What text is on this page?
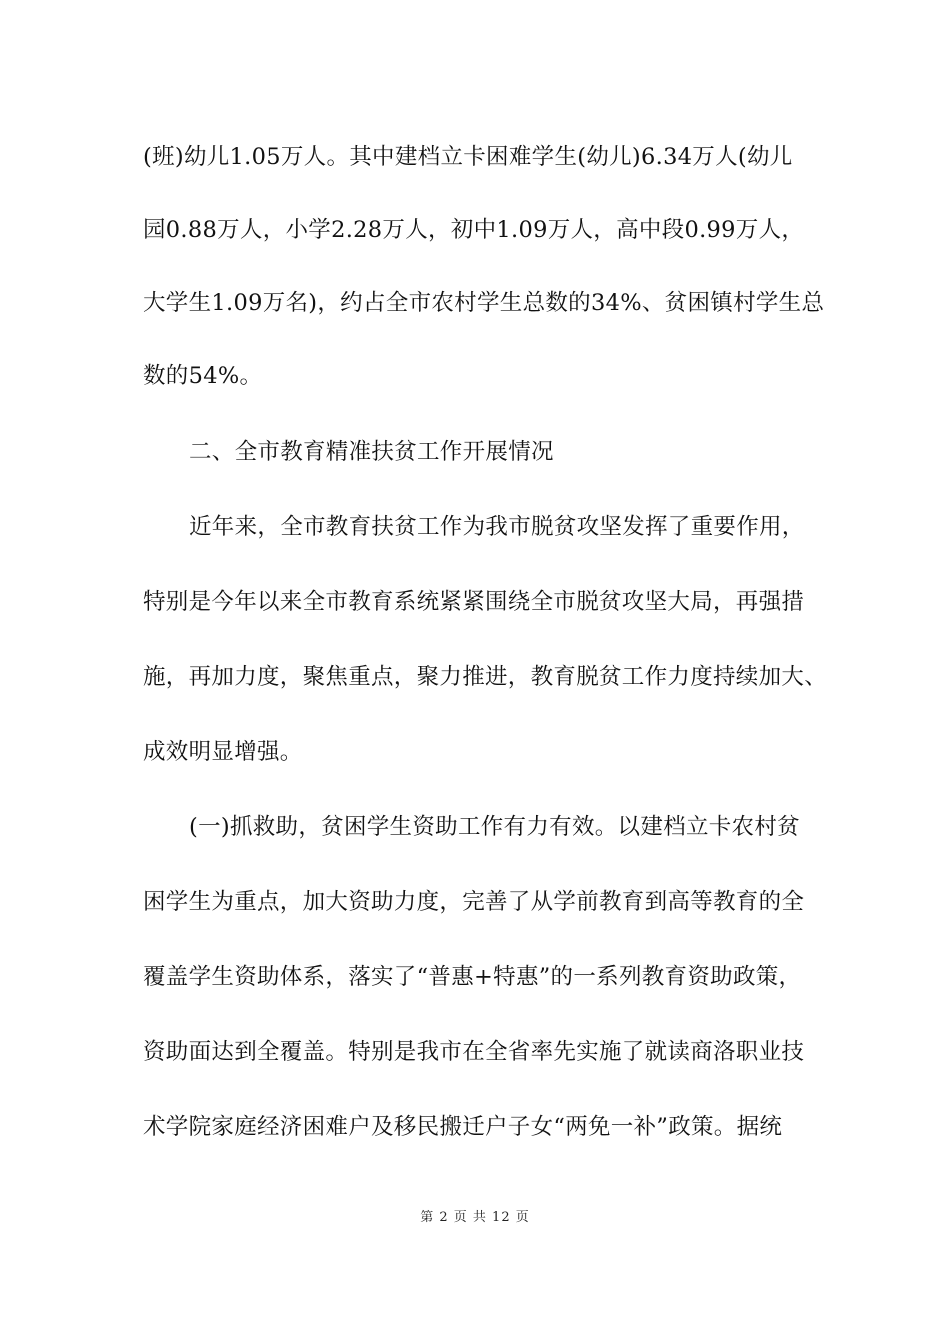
(班)幼儿1.05万人。其中建档立卡困难学生(幼儿)6.34万人(幼儿
园0.88万人，小学2.28万人，初中1.09万人，高中段0.99万人，
大学生1.09万名)，约占全市农村学生总数的34%、贫困镇村学生总
数的54%。
二、全市教育精准扶贫工作开展情况
近年来，全市教育扶贫工作为我市脱贫攻坚发挥了重要作用，
特别是今年以来全市教育系统紧紧围绕全市脱贫攻坚大局，再强措
施，再加力度，聚焦重点，聚力推进，教育脱贫工作力度持续加大、
成效明显增强。
(一)抓救助，贫困学生资助工作有力有效。以建档立卡农村贫
困学生为重点，加大资助力度，完善了从学前教育到高等教育的全
覆盖学生资助体系，落实了“普惠+特惠”的一系列教育资助政策，
资助面达到全覆盖。特别是我市在全省率先实施了就读商洛职业技
术学院家庭经济困难户及移民搬迁户子女“两免一补”政策。据统
第 2 页 共 12 页
